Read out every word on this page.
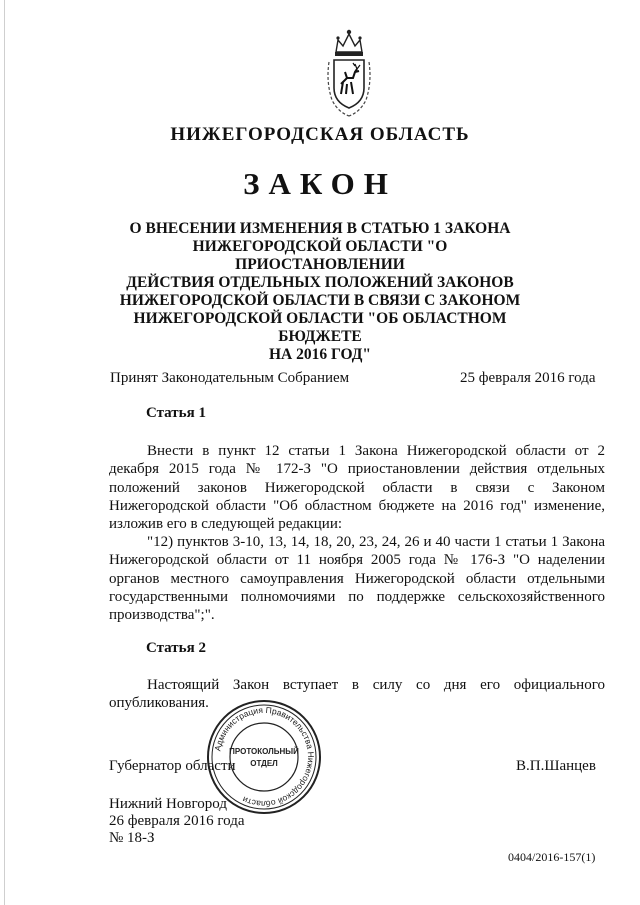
НИЖЕГОРОДСКАЯ ОБЛАСТЬ
ЗАКОН
О ВНЕСЕНИИ ИЗМЕНЕНИЯ В СТАТЬЮ 1 ЗАКОНА
НИЖЕГОРОДСКОЙ ОБЛАСТИ "О ПРИОСТАНОВЛЕНИИ
ДЕЙСТВИЯ ОТДЕЛЬНЫХ ПОЛОЖЕНИЙ ЗАКОНОВ
НИЖЕГОРОДСКОЙ ОБЛАСТИ В СВЯЗИ С ЗАКОНОМ
НИЖЕГОРОДСКОЙ ОБЛАСТИ "ОБ ОБЛАСТНОМ БЮДЖЕТЕ
НА 2016 ГОД"
Принят Законодательным Собранием	25 февраля 2016 года
Статья 1

Внести в пункт 12 статьи 1 Закона Нижегородской области от 2 декабря 2015 года № 172-З "О приостановлении действия отдельных положений законов Нижегородской области в связи с Законом Нижегородской области "Об областном бюджете на 2016 год" изменение, изложив его в следующей редакции:

"12) пунктов 3-10, 13, 14, 18, 20, 23, 24, 26 и 40 части 1 статьи 1 Закона Нижегородской области от 11 ноября 2005 года № 176-З "О наделении органов местного самоуправления Нижегородской области отдельными государственными полномочиями по поддержке сельскохозяйственного производства";".

Статья 2

Настоящий Закон вступает в силу со дня его официального опубликования.

Губернатор области	В.П.Шанцев
Нижний Новгород
26 февраля 2016 года
№ 18-З
0404/2016-157(1)
Администрация Правительства Нижегородской области
ПРОТОКОЛЬНЫЙ
ОТДЕЛ
